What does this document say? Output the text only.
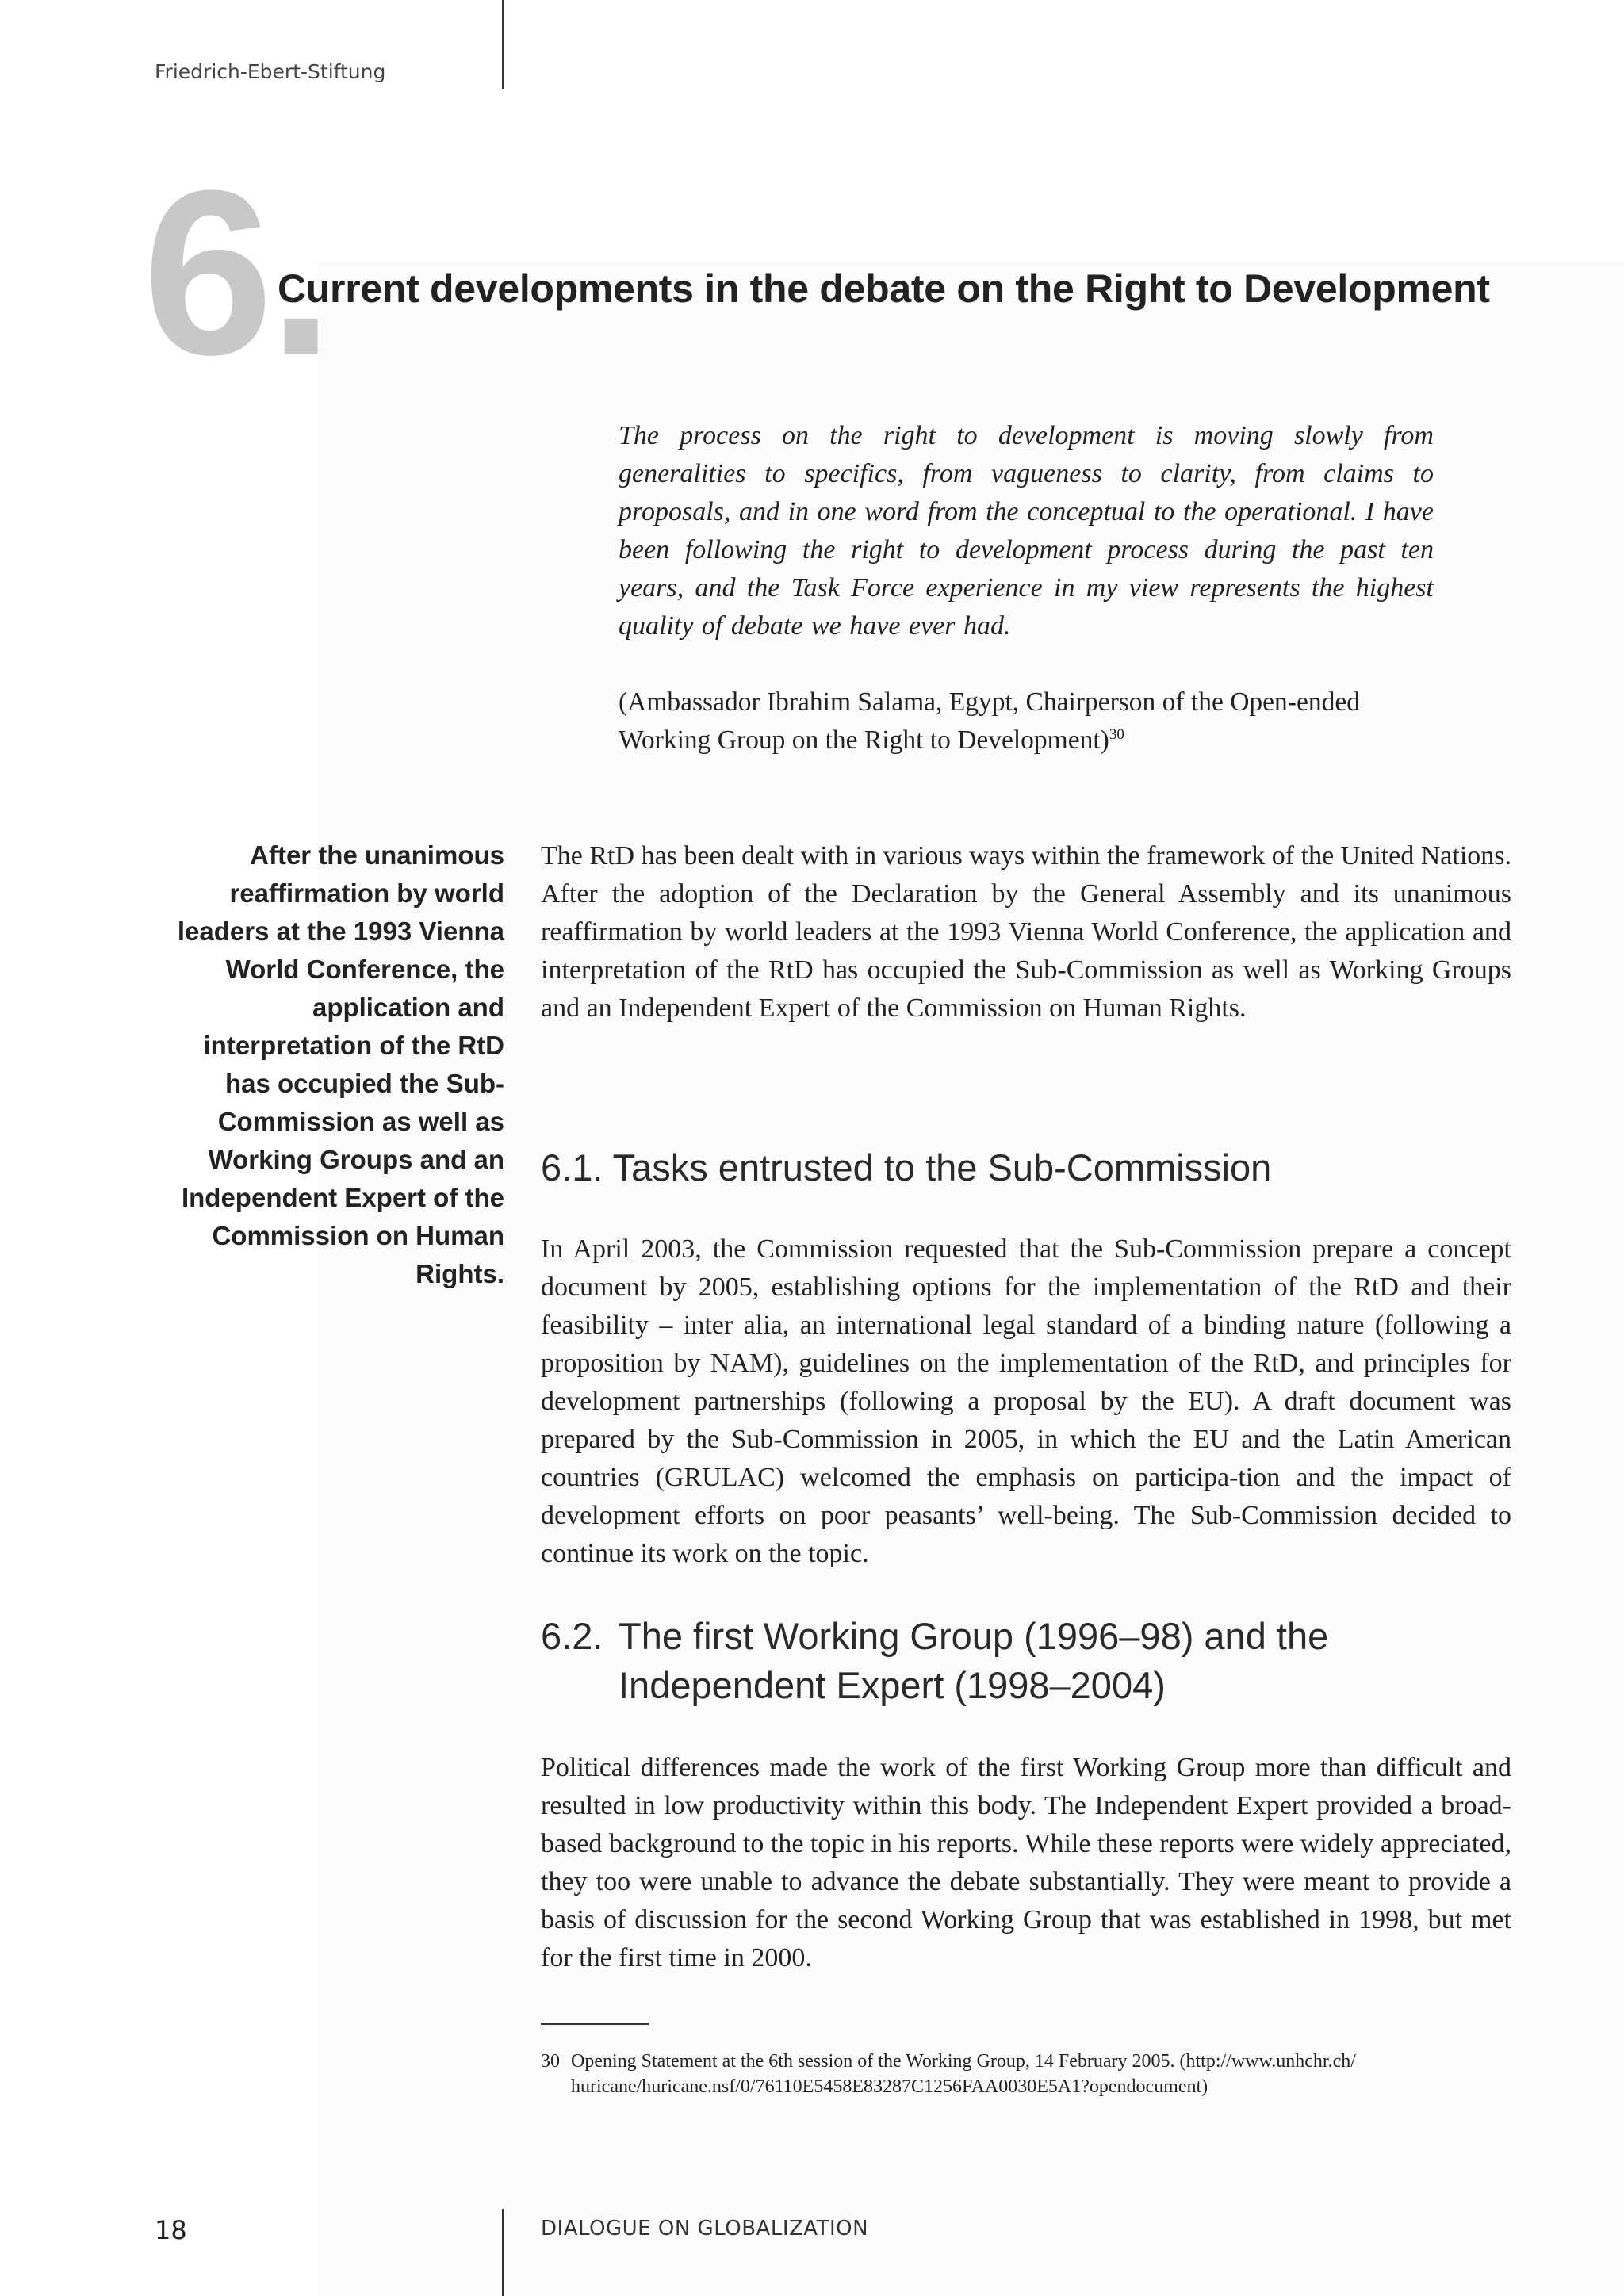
Friedrich-Ebert-Stiftung
6.
Current developments in the debate on the Right to Development
The process on the right to development is moving slowly from generalities to specifics, from vagueness to clarity, from claims to proposals, and in one word from the conceptual to the operational. I have been following the right to development process during the past ten years, and the Task Force experience in my view represents the highest quality of debate we have ever had.
(Ambassador Ibrahim Salama, Egypt, Chairperson of the Open-ended Working Group on the Right to Development)$^{30}$
After the unanimous reaffirmation by world leaders at the 1993 Vienna World Conference, the application and interpretation of the RtD has occupied the Sub-Commission as well as Working Groups and an Independent Expert of the Commission on Human Rights.

The RtD has been dealt with in various ways within the framework of the United Nations. After the adoption of the Declaration by the General Assembly and its unanimous reaffirmation by world leaders at the 1993 Vienna World Conference, the application and interpretation of the RtD has occupied the Sub-Commission as well as Working Groups and an Independent Expert of the Commission on Human Rights.

6.1. Tasks entrusted to the Sub-Commission

In April 2003, the Commission requested that the Sub-Commission prepare a concept document by 2005, establishing options for the implementation of the RtD and their feasibility – inter alia, an international legal standard of a binding nature (following a proposition by NAM), guidelines on the implementation of the RtD, and principles for development partnerships (following a proposal by the EU). A draft document was prepared by the Sub-Commission in 2005, in which the EU and the Latin American countries (GRULAC) welcomed the emphasis on participa-tion and the impact of development efforts on poor peasants’ well-being. The Sub-Commission decided to continue its work on the topic.

6.2. The first Working Group (1996–98) and the Independent Expert (1998–2004)

Political differences made the work of the first Working Group more than difficult and resulted in low productivity within this body. The Independent Expert provided a broad-based background to the topic in his reports. While these reports were widely appreciated, they too were unable to advance the debate substantially. They were meant to provide a basis of discussion for the second Working Group that was established in 1998, but met for the first time in 2000.

30 Opening Statement at the 6th session of the Working Group, 14 February 2005. (http://www.unhchr.ch/
huricane/huricane.nsf/0/76110E5458E83287C1256FAA0030E5A1?opendocument)
18	DIALOGUE ON GLOBALIZATION
